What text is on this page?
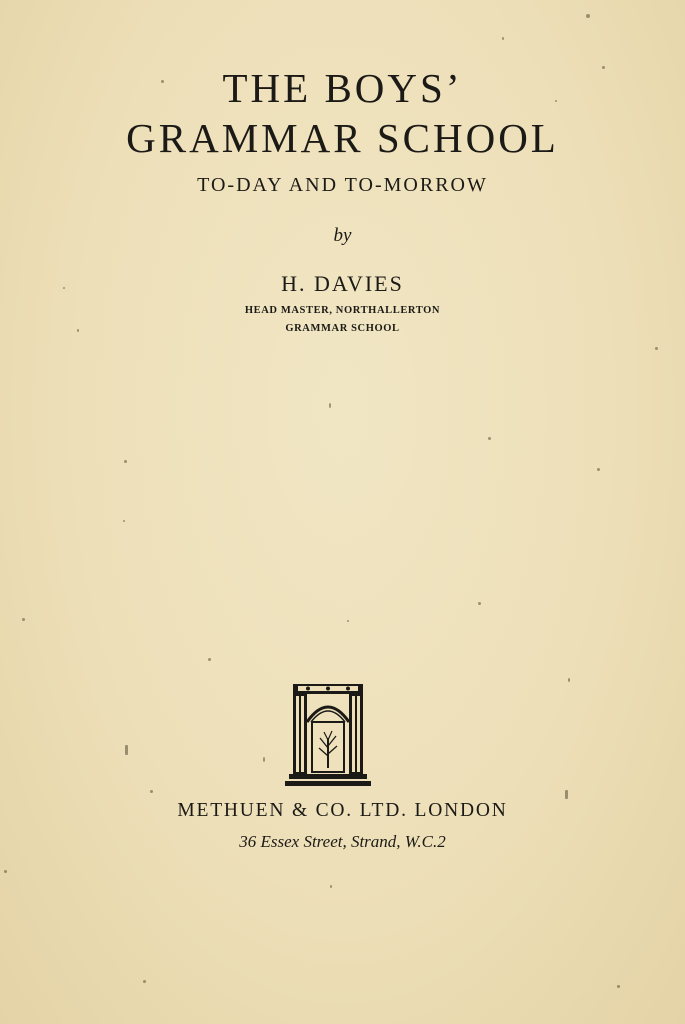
THE BOYS’
GRAMMAR SCHOOL
TO-DAY AND TO-MORROW
by
H. DAVIES
HEAD MASTER, NORTHALLERTON
GRAMMAR SCHOOL
METHUEN & CO. LTD. LONDON
36 Essex Street, Strand, W.C.2
